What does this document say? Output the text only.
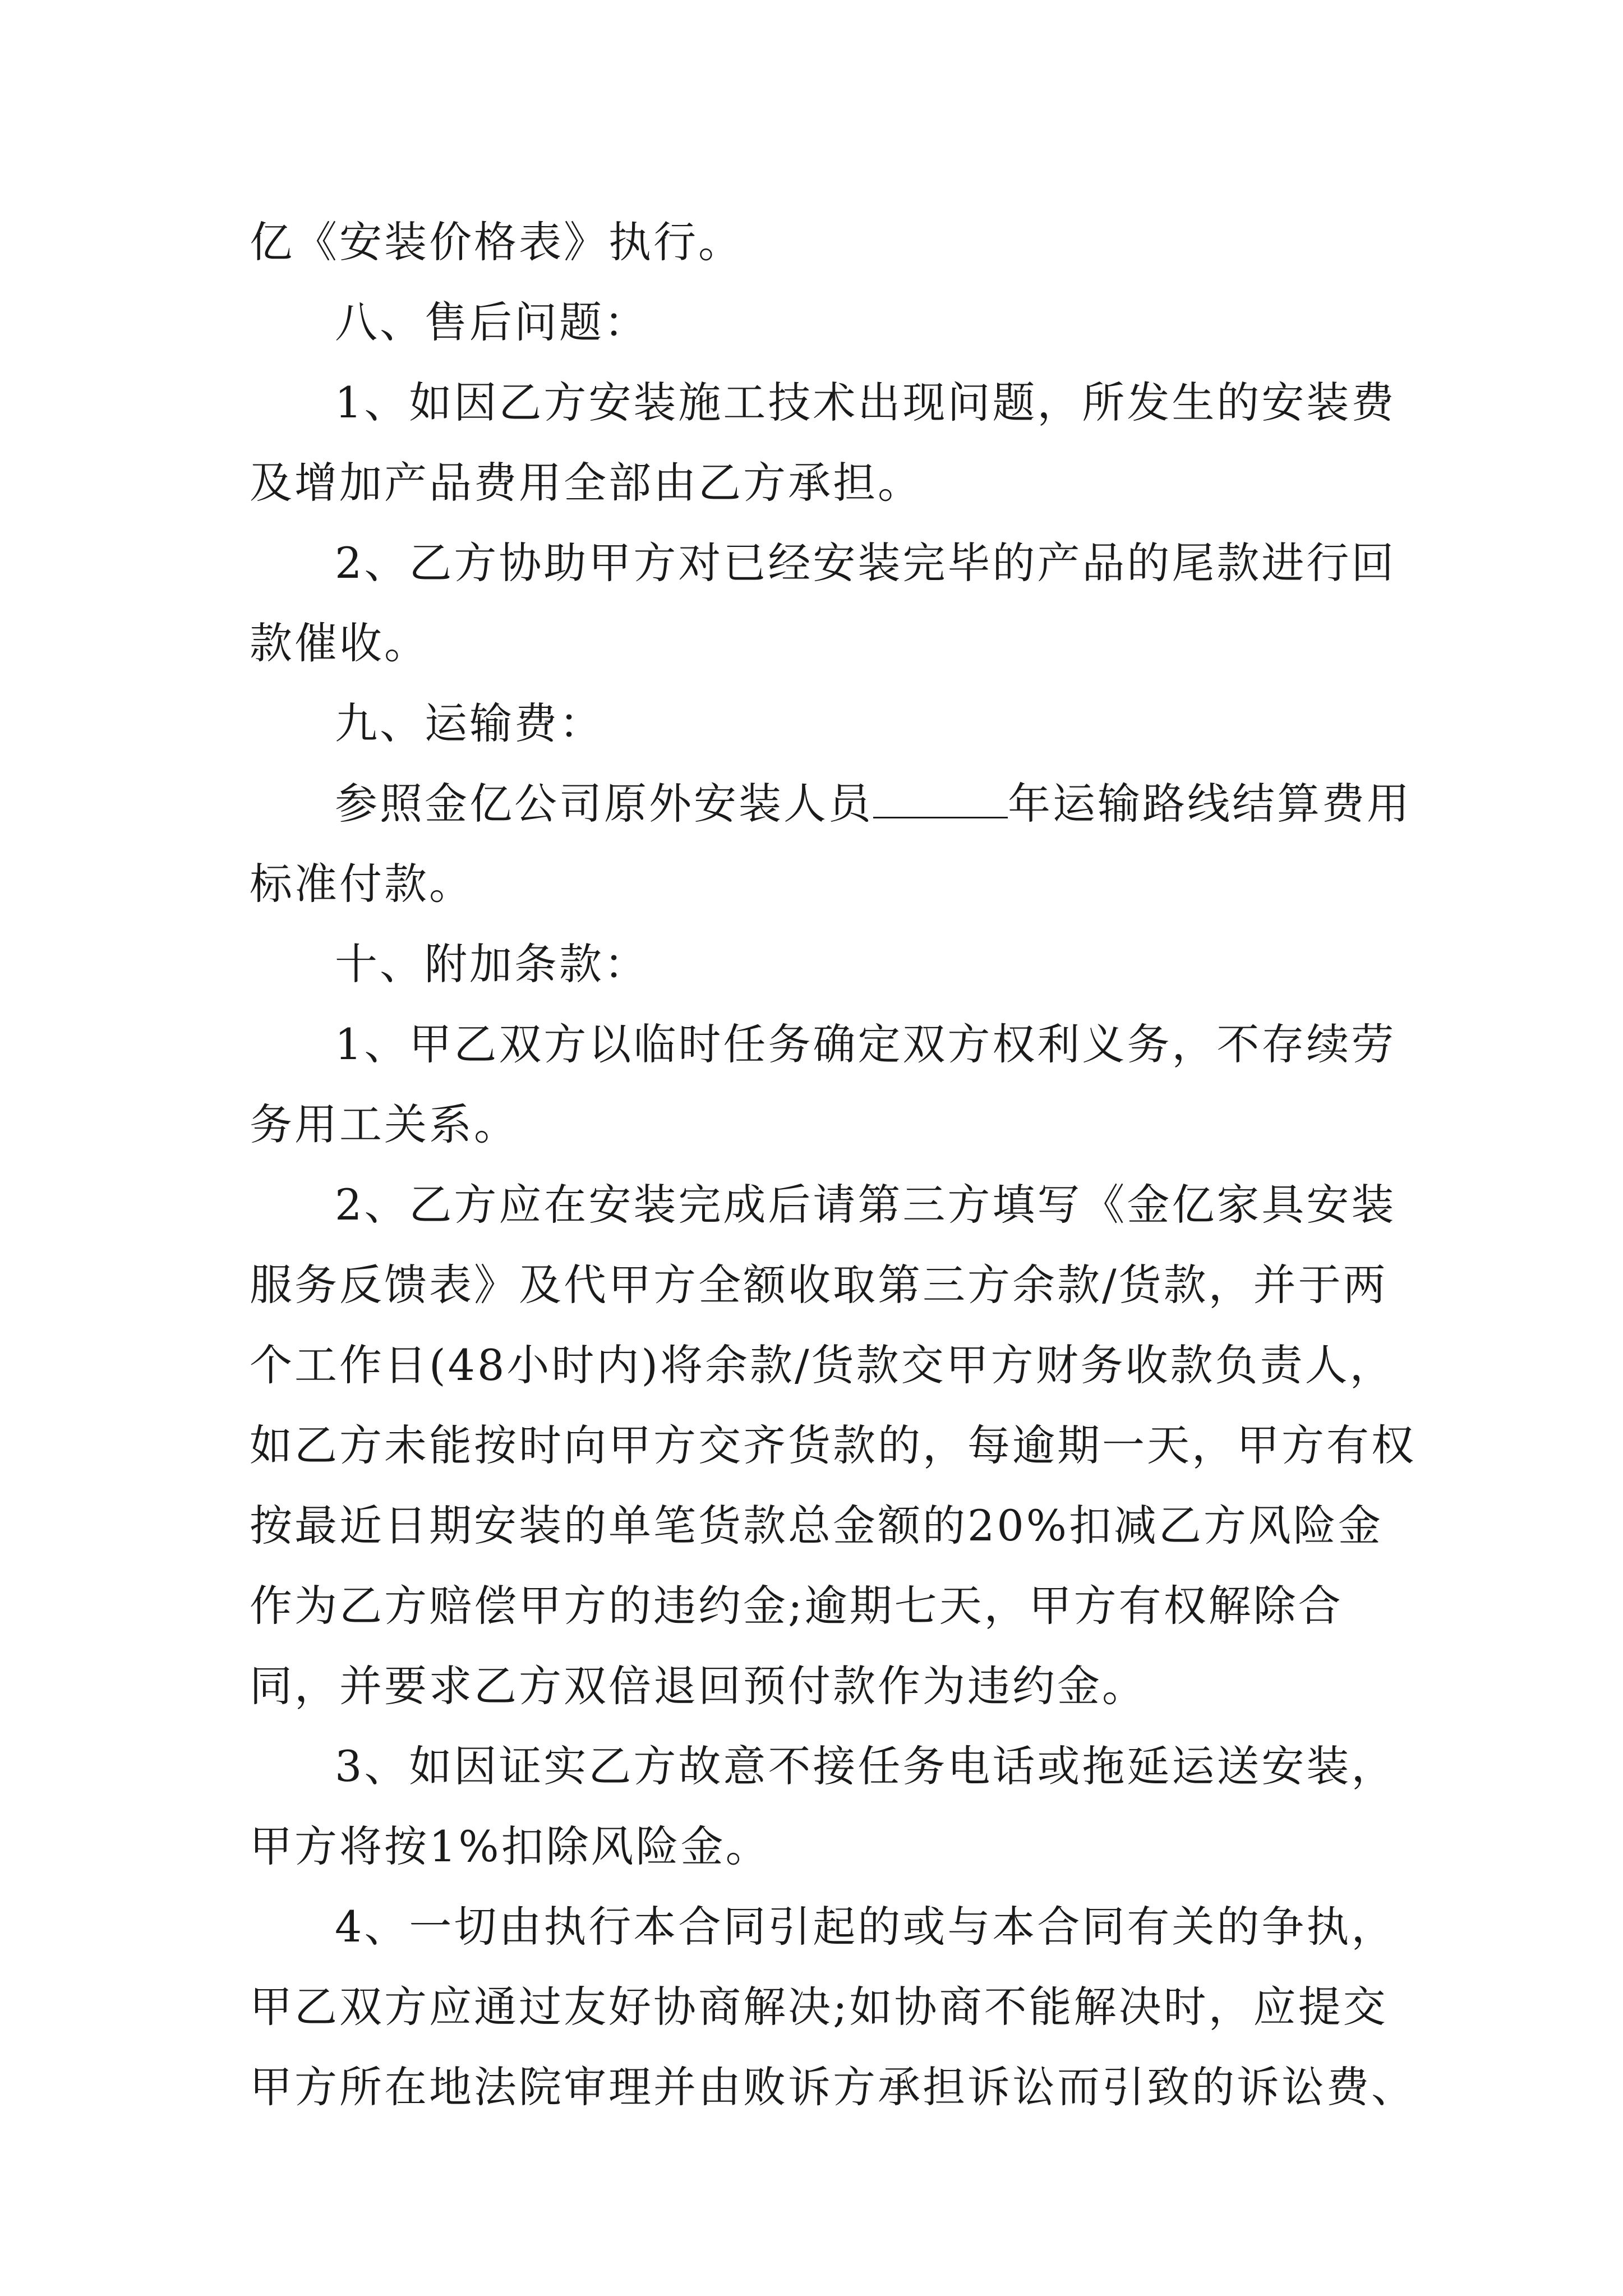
亿《安装价格表》执行。

八、售后问题：

1、如因乙方安装施工技术出现问题，所发生的安装费及增加产品费用全部由乙方承担。

2、乙方协助甲方对已经安装完毕的产品的尾款进行回款催收。

九、运输费：

参照金亿公司原外安装人员	年运输路线结算费用标准付款。

十、附加条款：

1、甲乙双方以临时任务确定双方权利义务，不存续劳务用工关系。

2、乙方应在安装完成后请第三方填写《金亿家具安装服务反馈表》及代甲方全额收取第三方余款/货款，并于两个工作日(48小时内)将余款/货款交甲方财务收款负责人，如乙方未能按时向甲方交齐货款的，每逾期一天，甲方有权按最近日期安装的单笔货款总金额的20%扣减乙方风险金作为乙方赔偿甲方的违约金;逾期七天，甲方有权解除合同，并要求乙方双倍退回预付款作为违约金。

3、如因证实乙方故意不接任务电话或拖延运送安装，甲方将按1%扣除风险金。

4、一切由执行本合同引起的或与本合同有关的争执，甲乙双方应通过友好协商解决;如协商不能解决时，应提交甲方所在地法院审理并由败诉方承担诉讼而引致的诉讼费、
